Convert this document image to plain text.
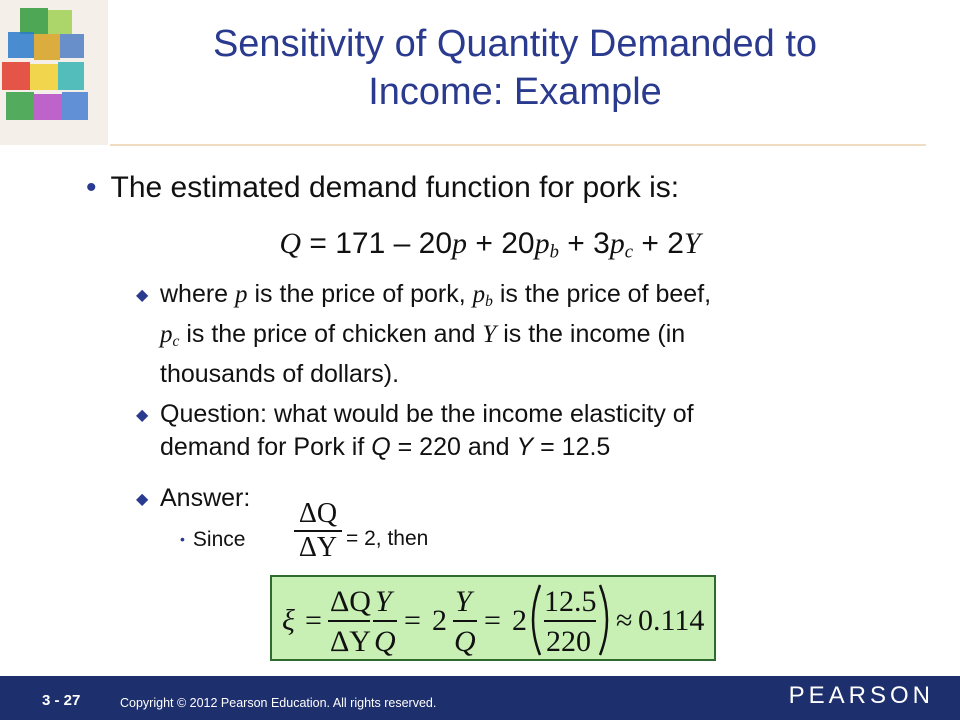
Sensitivity of Quantity Demanded to
Income: Example
• The estimated demand function for pork is:
$Q = 171 - 20p + 20p_b + 3p_c + 2Y$
◆ where p is the price of pork, $p_b$ is the price of beef,
$p_c$ is the price of chicken and Y is the income (in
thousands of dollars).
◆ Question: what would be the income elasticity of
demand for Pork if Q = 220 and Y = 12.5
◆ Answer:
• Since
ΔQ
ΔY = 2, then
ξ =
ΔQ
ΔY
Y
Q
= 2
Y
Q
= 2
12.5
220
≈ 0.114
3 - 27	Copyright © 2012 Pearson Education. All rights reserved.	PEARSON
